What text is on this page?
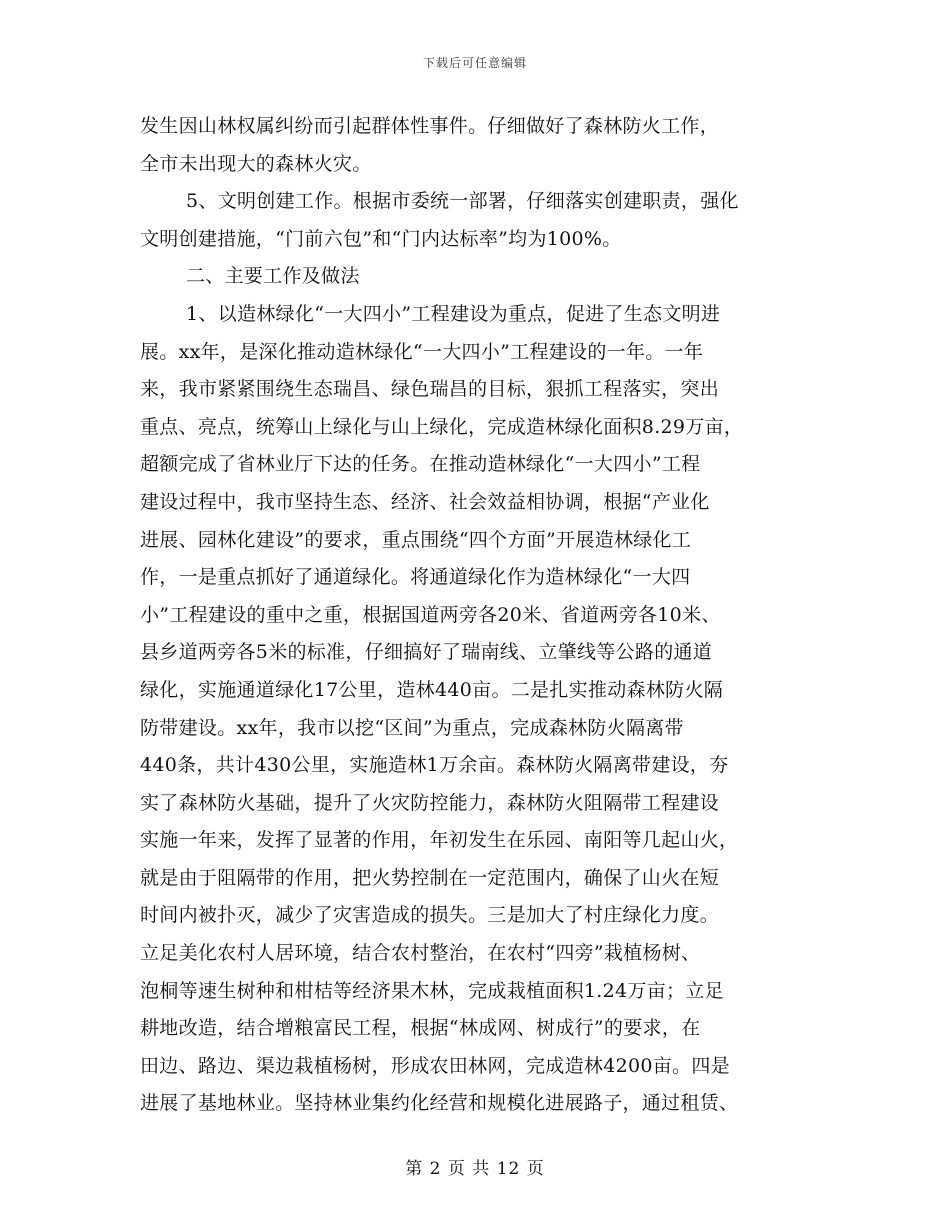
下载后可任意编辑
发生因山林权属纠纷而引起群体性事件。仔细做好了森林防火工作，
全市未出现大的森林火灾。
5、文明创建工作。根据市委统一部署，仔细落实创建职责，强化
文明创建措施，“门前六包”和“门内达标率”均为100%。
二、主要工作及做法
1、以造林绿化“一大四小”工程建设为重点，促进了生态文明进
展。xx年，是深化推动造林绿化“一大四小”工程建设的一年。一年
来，我市紧紧围绕生态瑞昌、绿色瑞昌的目标，狠抓工程落实，突出
重点、亮点，统筹山上绿化与山上绿化，完成造林绿化面积8.29万亩，
超额完成了省林业厅下达的任务。在推动造林绿化“一大四小”工程
建设过程中，我市坚持生态、经济、社会效益相协调，根据“产业化
进展、园林化建设”的要求，重点围绕“四个方面”开展造林绿化工
作，一是重点抓好了通道绿化。将通道绿化作为造林绿化“一大四
小”工程建设的重中之重，根据国道两旁各20米、省道两旁各10米、
县乡道两旁各5米的标准，仔细搞好了瑞南线、立肇线等公路的通道
绿化，实施通道绿化17公里，造林440亩。二是扎实推动森林防火隔
防带建设。xx年，我市以挖“区间”为重点，完成森林防火隔离带
440条，共计430公里，实施造林1万余亩。森林防火隔离带建设，夯
实了森林防火基础，提升了火灾防控能力，森林防火阻隔带工程建设
实施一年来，发挥了显著的作用，年初发生在乐园、南阳等几起山火，
就是由于阻隔带的作用，把火势控制在一定范围内，确保了山火在短
时间内被扑灭，减少了灾害造成的损失。三是加大了村庄绿化力度。
立足美化农村人居环境，结合农村整治，在农村“四旁”栽植杨树、
泡桐等速生树种和柑桔等经济果木林，完成栽植面积1.24万亩；立足
耕地改造，结合增粮富民工程，根据“林成网、树成行”的要求，在
田边、路边、渠边栽植杨树，形成农田林网，完成造林4200亩。四是
进展了基地林业。坚持林业集约化经营和规模化进展路子，通过租赁、
第 2 页 共 12 页
